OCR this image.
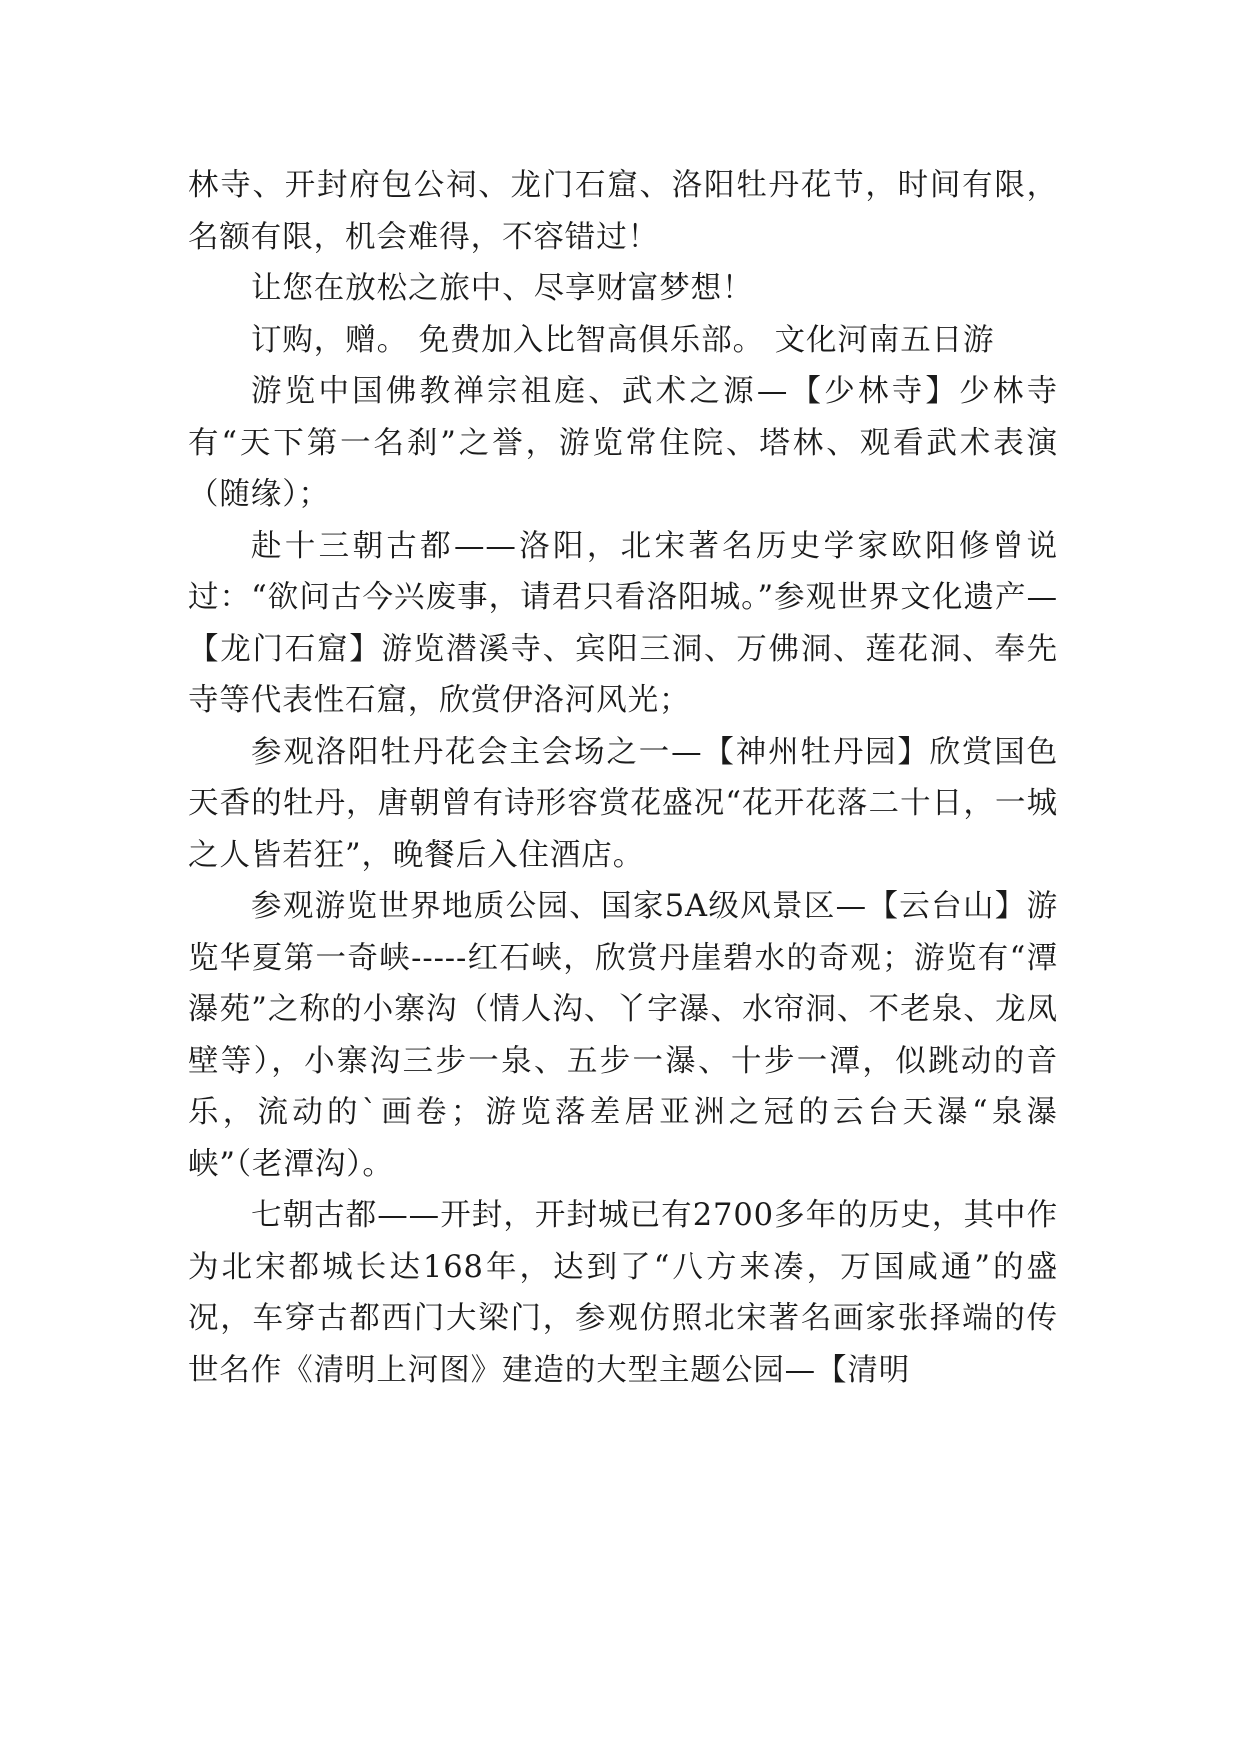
林寺、开封府包公祠、龙门石窟、洛阳牡丹花节，时间有限，名额有限，机会难得，不容错过！

让您在放松之旅中、尽享财富梦想！

订购，赠。 免费加入比智高俱乐部。 文化河南五日游

游览中国佛教禅宗祖庭、武术之源—【少林寺】少林寺有“天下第一名刹”之誉，游览常住院、塔林、观看武术表演（随缘）；

赴十三朝古都——洛阳，北宋著名历史学家欧阳修曾说过：“欲问古今兴废事，请君只看洛阳城。”参观世界文化遗产—【龙门石窟】游览潜溪寺、宾阳三洞、万佛洞、莲花洞、奉先寺等代表性石窟，欣赏伊洛河风光；

参观洛阳牡丹花会主会场之一—【神州牡丹园】欣赏国色天香的牡丹，唐朝曾有诗形容赏花盛况“花开花落二十日，一城之人皆若狂”，晚餐后入住酒店。

参观游览世界地质公园、国家5A级风景区—【云台山】游览华夏第一奇峡-----红石峡，欣赏丹崖碧水的奇观；游览有“潭瀑苑”之称的小寨沟（情人沟、丫字瀑、水帘洞、不老泉、龙凤壁等），小寨沟三步一泉、五步一瀑、十步一潭，似跳动的音乐，流动的`画卷；游览落差居亚洲之冠的云台天瀑“泉瀑峡”（老潭沟）。

七朝古都——开封，开封城已有2700多年的历史，其中作为北宋都城长达168年，达到了“八方来凑，万国咸通”的盛况，车穿古都西门大梁门，参观仿照北宋著名画家张择端的传世名作《清明上河图》建造的大型主题公园—【清明
